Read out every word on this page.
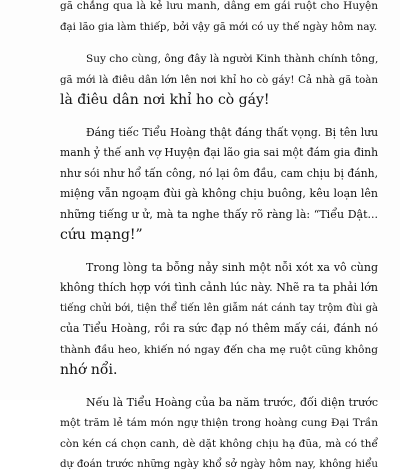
gã chẳng qua là kẻ lưu manh, dâng em gái ruột cho Huyện
đại lão gia làm thiếp, bởi vậy gã mới có uy thế ngày hôm nay.
Suy cho cùng, ông đây là người Kinh thành chính tông,
gã mới là điêu dân lớn lên nơi khỉ ho cò gáy! Cả nhà gã toàn
là điêu dân nơi khỉ ho cò gáy!
Đáng tiếc Tiểu Hoàng thật đáng thất vọng. Bị tên lưu
manh ỷ thế anh vợ Huyện đại lão gia sai một đám gia đinh
như sói như hổ tấn công, nó lại ôm đầu, cam chịu bị đánh,
miệng vẫn ngoạm đùi gà không chịu buông, kêu loạn lên
những tiếng ư ử, mà ta nghe thấy rõ ràng là: “Tiểu Dật...
cứu mạng!”
Trong lòng ta bỗng nảy sinh một nỗi xót xa vô cùng
không thích hợp với tình cảnh lúc này. Nhẽ ra ta phải lớn
tiếng chửi bới, tiện thể tiến lên giẫm nát cánh tay trộm đùi gà
của Tiểu Hoàng, rồi ra sức đạp nó thêm mấy cái, đánh nó
thành đầu heo, khiến nó ngay đến cha mẹ ruột cũng không
nhớ nổi.
Nếu là Tiểu Hoàng của ba năm trước, đối diện trước
một trăm lẻ tám món ngự thiện trong hoàng cung Đại Trần
còn kén cá chọn canh, dè dặt không chịu hạ đũa, mà có thể
dự đoán trước những ngày khổ sở ngày hôm nay, không hiểu
